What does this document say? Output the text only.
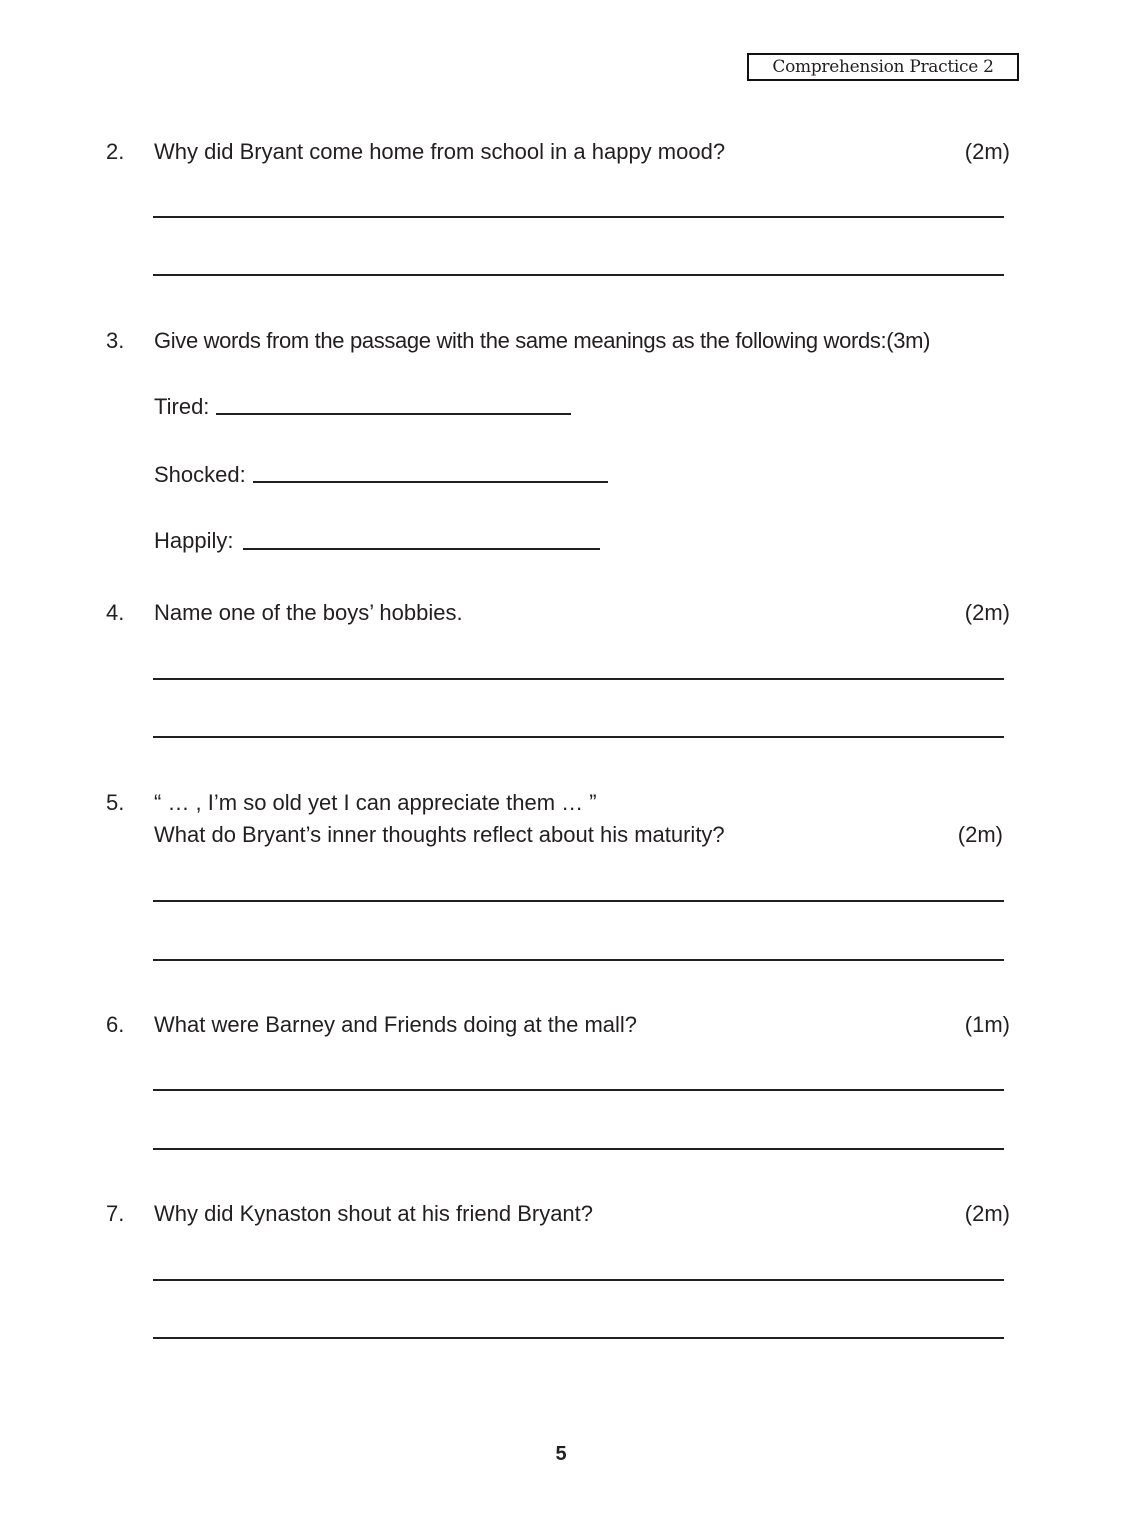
Comprehension Practice 2
2. Why did Bryant come home from school in a happy mood?	(2m)
3. Give words from the passage with the same meanings as the following words:(3m)
Tired:
Shocked:
Happily:
4. Name one of the boys’ hobbies.	(2m)
5. “ … , I’m so old yet I can appreciate them … ”
What do Bryant’s inner thoughts reflect about his maturity?	(2m)
6. What were Barney and Friends doing at the mall?	(1m)
7. Why did Kynaston shout at his friend Bryant?	(2m)
5
